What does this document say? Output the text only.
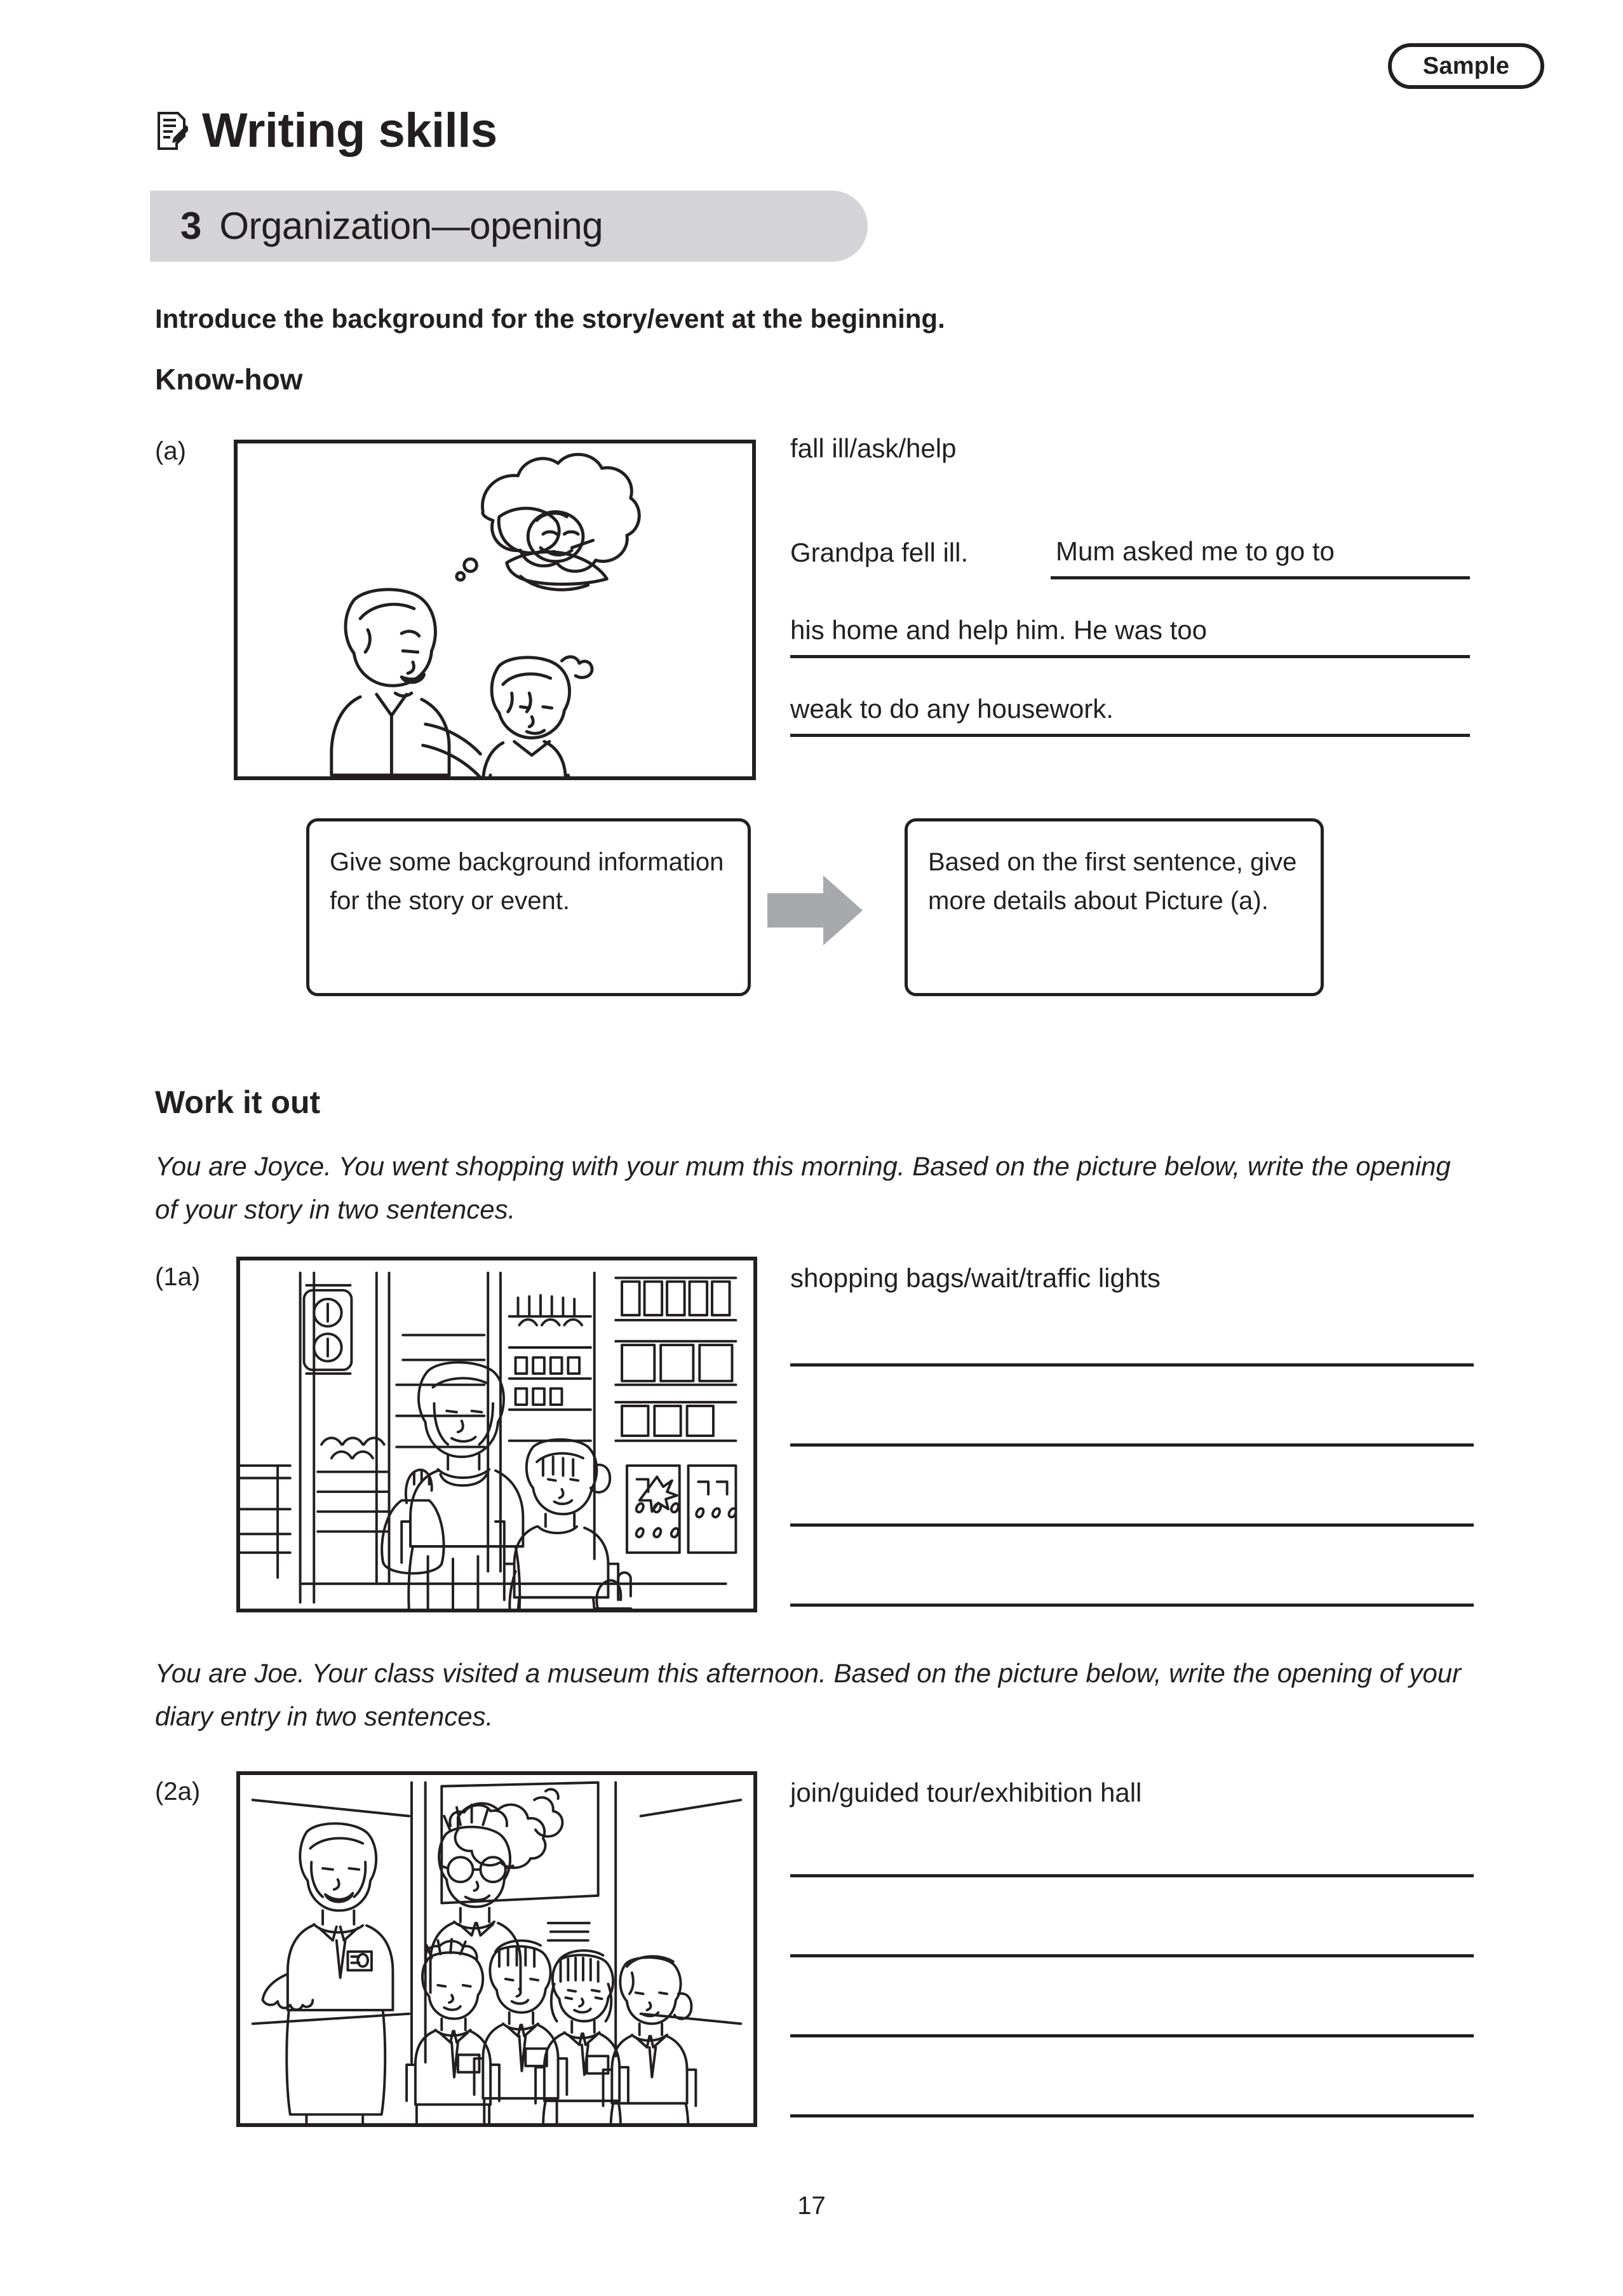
Sample
Writing skills
3 Organization—opening
Introduce the background for the story/event at the beginning.
Know-how
(a)	fall ill/ask/help
Grandpa fell ill.	Mum asked me to go to
his home and help him. He was too
weak to do any housework.
Give some background information for the story or event.
Based on the first sentence, give more details about Picture (a).
Work it out
You are Joyce. You went shopping with your mum this morning. Based on the picture below, write the opening of your story in two sentences.
(1a)	shopping bags/wait/traffic lights
You are Joe. Your class visited a museum this afternoon. Based on the picture below, write the opening of your diary entry in two sentences.
(2a)	join/guided tour/exhibition hall
17
